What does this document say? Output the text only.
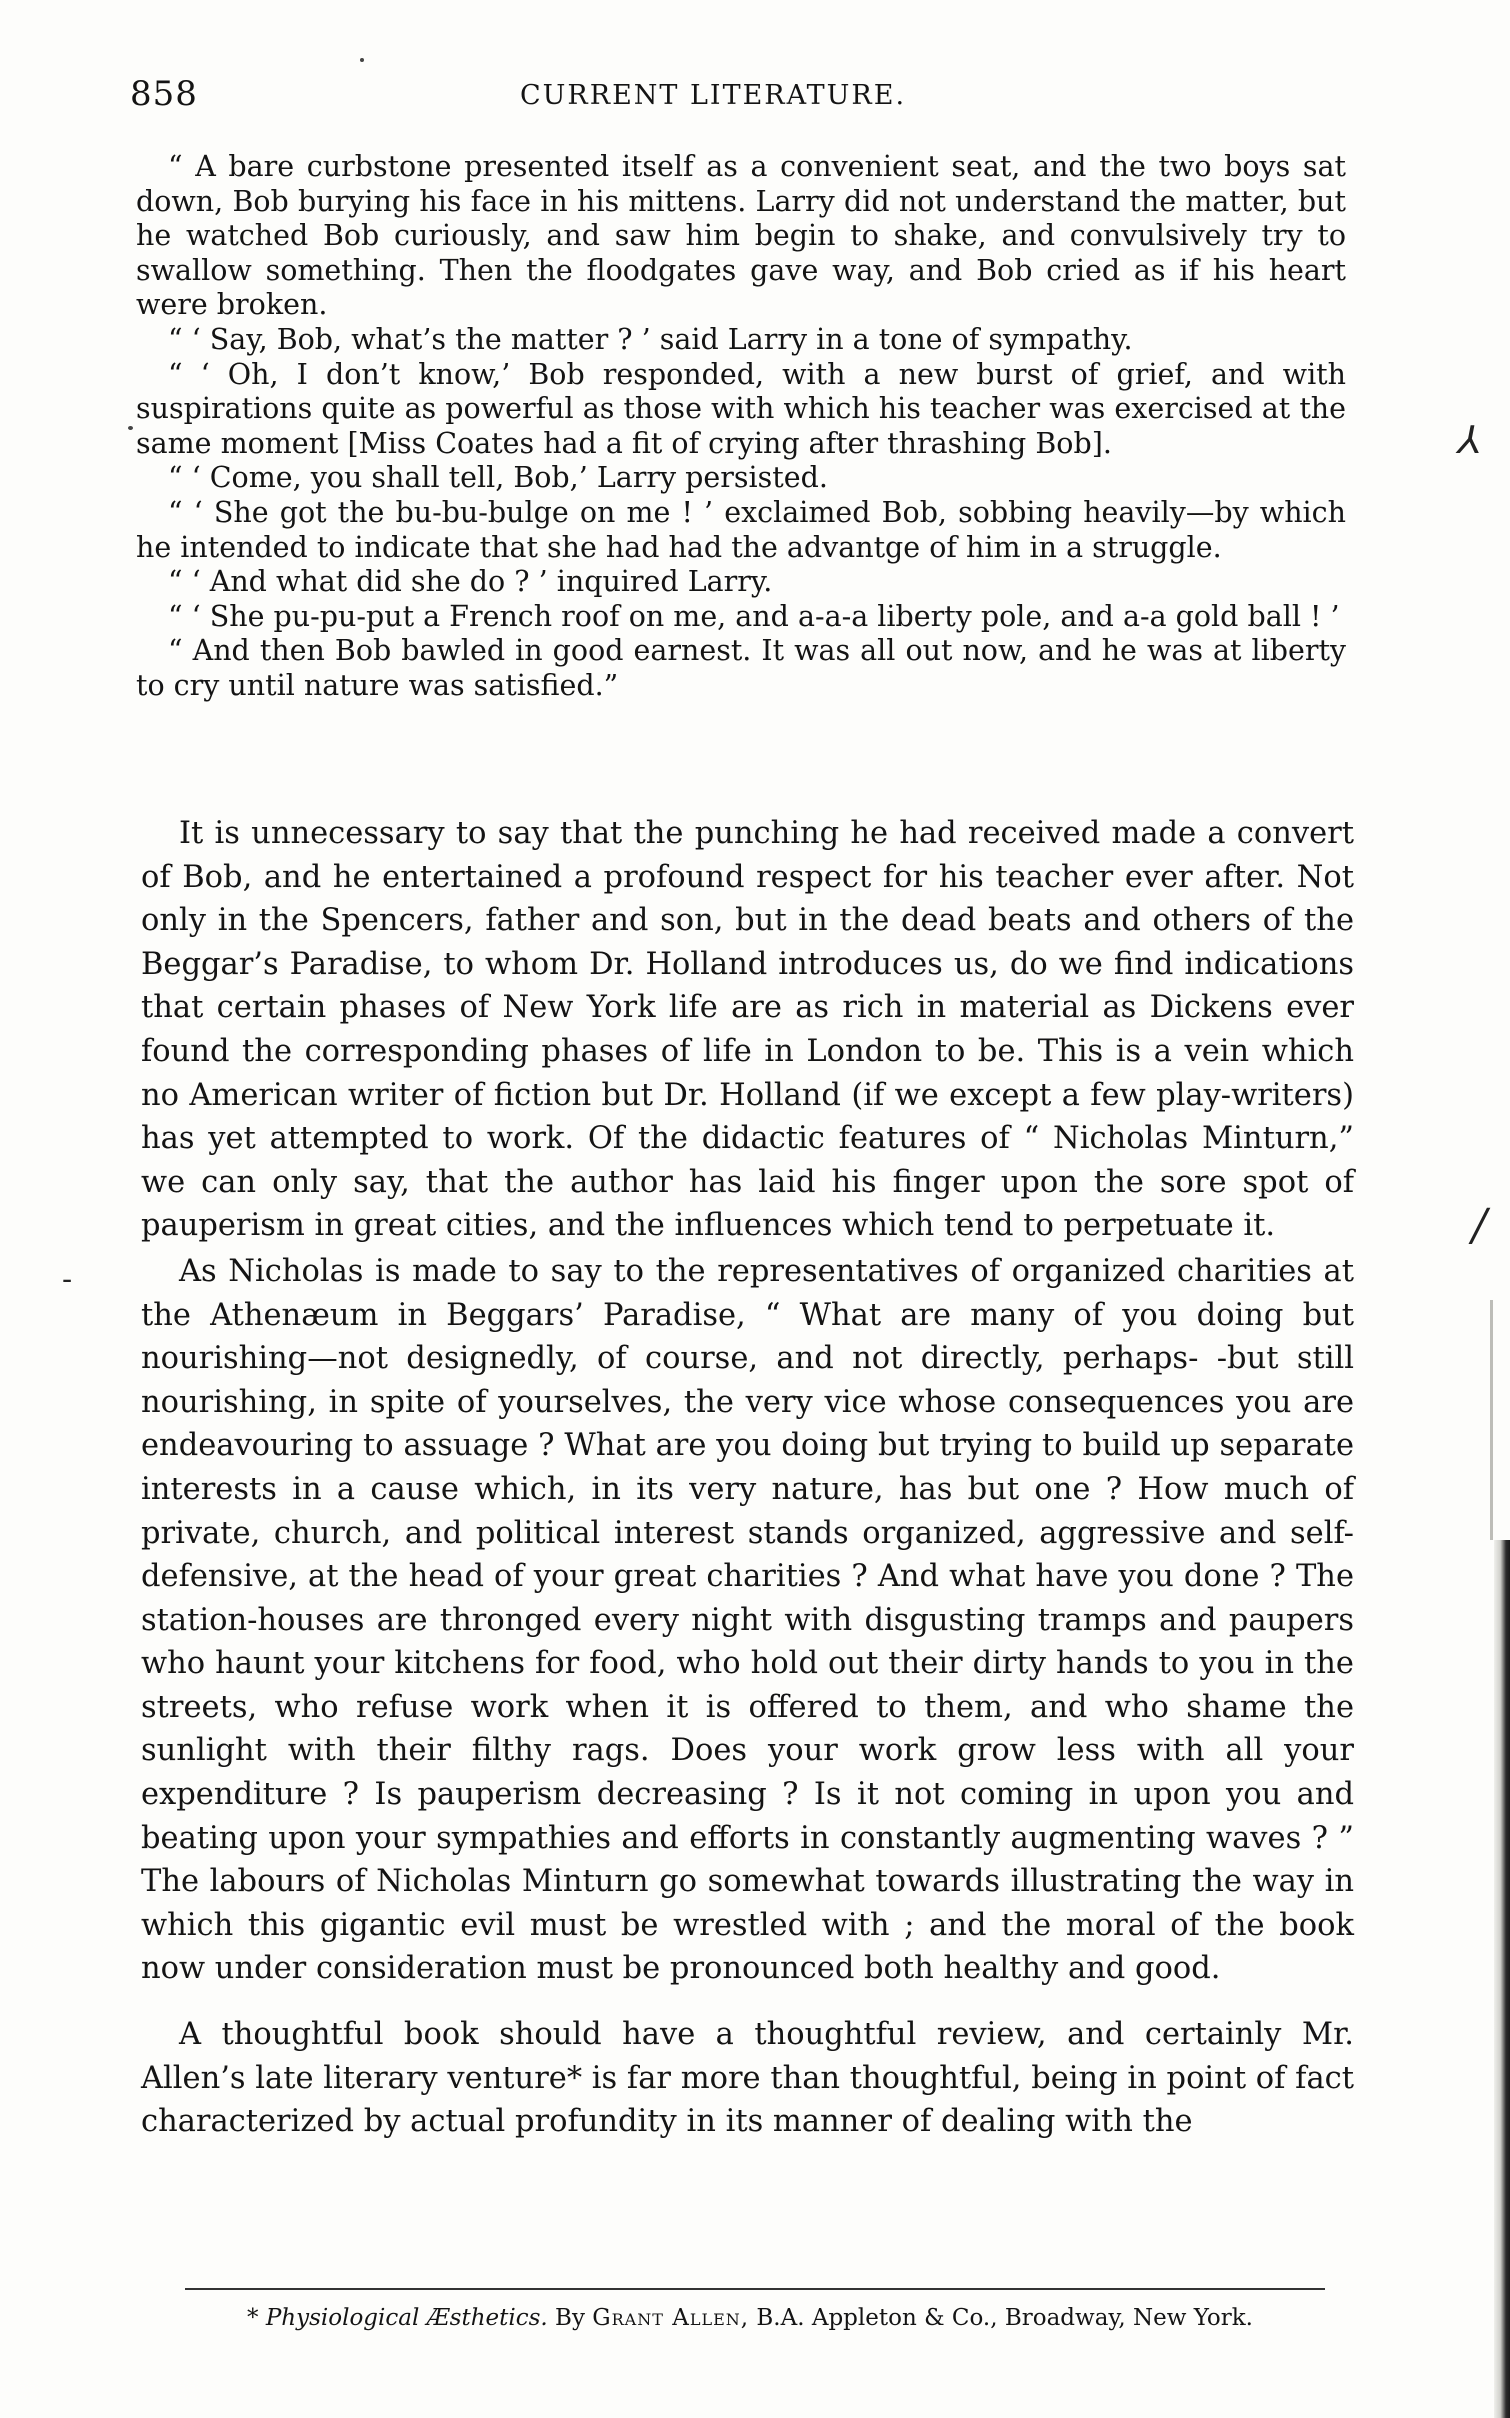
858	CURRENT LITERATURE.

“ A bare curbstone presented itself as a convenient seat, and the two boys sat down, Bob burying his face in his mittens. Larry did not understand the matter, but he watched Bob curiously, and saw him begin to shake, and convulsively try to swallow something. Then the floodgates gave way, and Bob cried as if his heart were broken.

“ ‘ Say, Bob, what’s the matter ? ’ said Larry in a tone of sympathy.

“ ‘ Oh, I don’t know,’ Bob responded, with a new burst of grief, and with suspirations quite as powerful as those with which his teacher was exercised at the same moment [Miss Coates had a fit of crying after thrashing Bob].

“ ‘ Come, you shall tell, Bob,’ Larry persisted.

“ ‘ She got the bu-bu-bulge on me ! ’ exclaimed Bob, sobbing heavily—by which he intended to indicate that she had had the advantge of him in a struggle.

“ ‘ And what did she do ? ’ inquired Larry.

“ ‘ She pu-pu-put a French roof on me, and a-a-a liberty pole, and a-a gold ball ! ’

“ And then Bob bawled in good earnest. It was all out now, and he was at liberty to cry until nature was satisfied.”

It is unnecessary to say that the punching he had received made a convert of Bob, and he entertained a profound respect for his teacher ever after. Not only in the Spencers, father and son, but in the dead beats and others of the Beggar’s Paradise, to whom Dr. Holland introduces us, do we find indications that certain phases of New York life are as rich in material as Dickens ever found the corresponding phases of life in London to be. This is a vein which no American writer of fiction but Dr. Holland (if we except a few play-writers) has yet attempted to work. Of the didactic features of “ Nicholas Minturn,” we can only say, that the author has laid his finger upon the sore spot of pauperism in great cities, and the influences which tend to perpetuate it.

As Nicholas is made to say to the representatives of organized charities at the Athenæum in Beggars’ Paradise, “ What are many of you doing but nourishing—not designedly, of course, and not directly, perhaps- -but still nourishing, in spite of yourselves, the very vice whose consequences you are endeavouring to assuage ? What are you doing but trying to build up separate interests in a cause which, in its very nature, has but one ? How much of private, church, and political interest stands organized, aggressive and self-defensive, at the head of your great charities ? And what have you done ? The station-houses are thronged every night with disgusting tramps and paupers who haunt your kitchens for food, who hold out their dirty hands to you in the streets, who refuse work when it is offered to them, and who shame the sunlight with their filthy rags. Does your work grow less with all your expenditure ? Is pauperism decreasing ? Is it not coming in upon you and beating upon your sympathies and efforts in constantly augmenting waves ? ” The labours of Nicholas Minturn go somewhat towards illustrating the way in which this gigantic evil must be wrestled with ; and the moral of the book now under consideration must be pronounced both healthy and good.

A thoughtful book should have a thoughtful review, and certainly Mr. Allen’s late literary venture* is far more than thoughtful, being in point of fact characterized by actual profundity in its manner of dealing with the

* Physiological Æsthetics. By Grant Allen, B.A. Appleton & Co., Broadway, New York.
⅄
/
-
